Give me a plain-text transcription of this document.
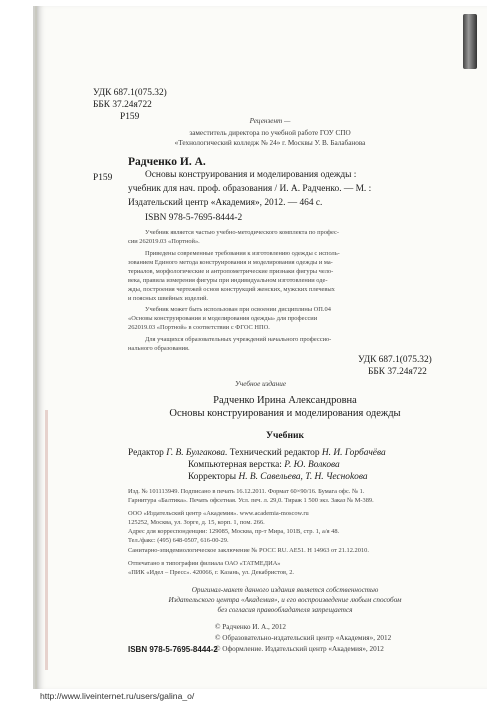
УДК 687.1(075.32)
ББК 37.24я722
Р159	Рецензент —
заместитель директора по учебной работе ГОУ СПО
«Технологический колледж № 24» г. Москвы У. В. Балабанова
Радченко И. А.
Р159	Основы конструирования и моделирования одежды :
учебник для нач. проф. образования / И. А. Радченко. — М. :
Издательский центр «Академия», 2012. — 464 с.
ISBN 978-5-7695-8444-2
Учебник является частью учебно-методического комплекта по профес-
сии 262019.03 «Портной».
Приведены современные требования к изготовлению одежды с исполь-
зованием Единого метода конструирования и моделирования одежды и ма-
териалов, морфологические и антропометрические признаки фигуры чело-
века, правила измерения фигуры при индивидуальном изготовлении оде-
жды, построения чертежей основ конструкций женских, мужских плечевых
и поясных швейных изделий.
Учебник может быть использован при освоении дисциплины ОП.04
«Основы конструирования и моделирования одежды» для профессии
262019.03 «Портной» в соответствии с ФГОС НПО.
Для учащихся образовательных учреждений начального профессио-
нального образования.
УДК 687.1(075.32)
ББК 37.24я722
Учебное издание
Радченко Ирина Александровна
Основы конструирования и моделирования одежды
Учебник
Редактор Г. В. Булгакова. Технический редактор Н. И. Горбачёва
Компьютерная верстка: Р. Ю. Волкова
Корректоры Н. В. Савельева, Т. Н. Чесноkова
Изд. № 101113949. Подписано в печать 16.12.2011. Формат 60×90/16. Бумага офс. № 1.
Гарнитура «Балтика». Печать офсетная. Усл. печ. л. 29,0. Тираж 1 500 экз. Заказ № М-389.
ООО «Издательский центр «Академия». www.academia-moscow.ru
125252, Москва, ул. Зорге, д. 15, корп. 1, пом. 266.
Адрес для корреспонденции: 129085, Москва, пр-т Мира, 101В, стр. 1, а/я 48.
Тел./факс: (495) 648-0507, 616-00-29.
Санитарно-эпидемиологическое заключение № РОСС RU. AE51. Н 14963 от 21.12.2010.
Отпечатано в типографии филиала ОАО «ТАТМЕДИА»
«ПИК «Идел – Пресс». 420066, г. Казань, ул. Декабристов, 2.
Оригинал-макет данного издания является собственностью
Издательского центра «Академия», и его воспроизведение любым способом
без согласия правообладателя запрещается
© Радченко И. А., 2012
© Образовательно-издательский центр «Академия», 2012
© Оформление. Издательский центр «Академия», 2012
ISBN 978-5-7695-8444-2
http://www.liveinternet.ru/users/galina_o/
